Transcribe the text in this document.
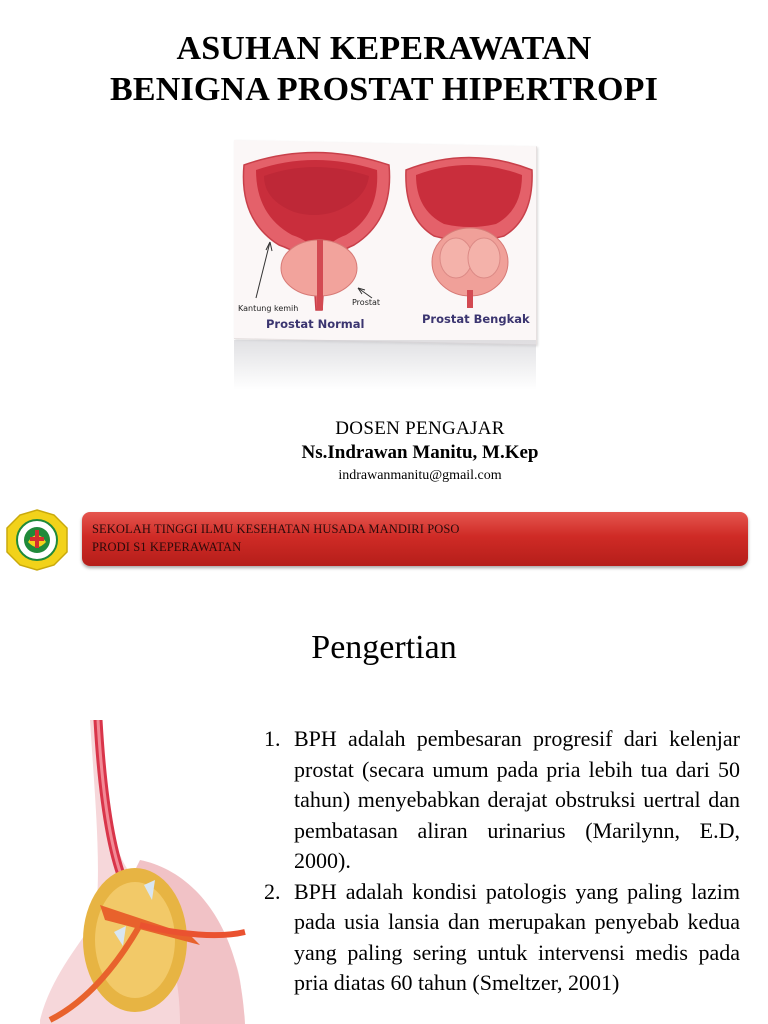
ASUHAN KEPERAWATAN
BENIGNA PROSTAT HIPERTROPI
Kantung kemih
Prostat
Prostat Normal	Prostat Bengkak
DOSEN PENGAJAR
Ns.Indrawan Manitu, M.Kep
indrawanmanitu@gmail.com
SEKOLAH TINGGI ILMU KESEHATAN HUSADA MANDIRI POSO
PRODI S1 KEPERAWATAN
Pengertian
1. BPH adalah pembesaran progresif dari kelenjar prostat (secara umum pada pria lebih tua dari 50 tahun) menyebabkan derajat obstruksi uertral dan pembatasan aliran urinarius (Marilynn, E.D, 2000).
2. BPH adalah kondisi patologis yang paling lazim pada usia lansia dan merupakan penyebab kedua yang paling sering untuk intervensi medis pada pria diatas 60 tahun (Smeltzer, 2001)
